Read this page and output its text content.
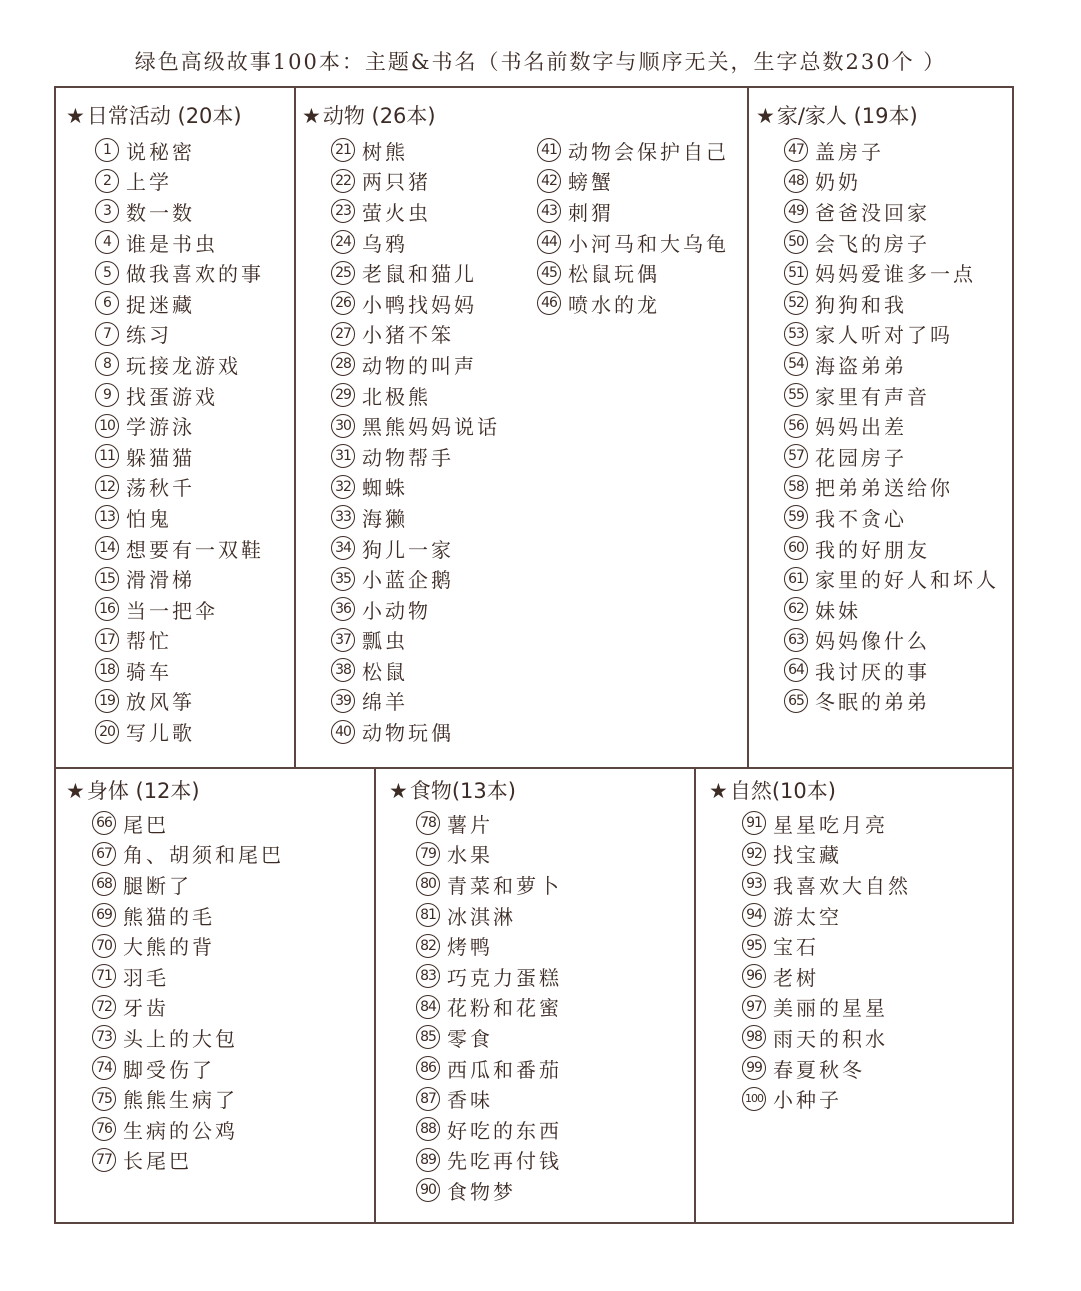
绿色高级故事100本：主题&书名（书名前数字与顺序无关，生字总数230个 ）
★日常活动 (20本)
1 说秘密
2 上学
3 数一数
4 谁是书虫
5 做我喜欢的事
6 捉迷藏
7 练习
8 玩接龙游戏
9 找蛋游戏
10 学游泳
11 躲猫猫
12 荡秋千
13 怕鬼
14 想要有一双鞋
15 滑滑梯
16 当一把伞
17 帮忙
18 骑车
19 放风筝
20 写儿歌
★动物 (26本)
21 树熊
22 两只猪
23 萤火虫
24 乌鸦
25 老鼠和猫儿
26 小鸭找妈妈
27 小猪不笨
28 动物的叫声
29 北极熊
30 黑熊妈妈说话
31 动物帮手
32 蜘蛛
33 海獭
34 狗儿一家
35 小蓝企鹅
36 小动物
37 瓢虫
38 松鼠
39 绵羊
40 动物玩偶
41 动物会保护自己
42 螃蟹
43 刺猬
44 小河马和大乌龟
45 松鼠玩偶
46 喷水的龙
★家/家人 (19本)
47 盖房子
48 奶奶
49 爸爸没回家
50 会飞的房子
51 妈妈爱谁多一点
52 狗狗和我
53 家人听对了吗
54 海盗弟弟
55 家里有声音
56 妈妈出差
57 花园房子
58 把弟弟送给你
59 我不贪心
60 我的好朋友
61 家里的好人和坏人
62 妹妹
63 妈妈像什么
64 我讨厌的事
65 冬眠的弟弟
★身体 (12本)
66 尾巴
67 角、胡须和尾巴
68 腿断了
69 熊猫的毛
70 大熊的背
71 羽毛
72 牙齿
73 头上的大包
74 脚受伤了
75 熊熊生病了
76 生病的公鸡
77 长尾巴
★食物(13本)
78 薯片
79 水果
80 青菜和萝卜
81 冰淇淋
82 烤鸭
83 巧克力蛋糕
84 花粉和花蜜
85 零食
86 西瓜和番茄
87 香味
88 好吃的东西
89 先吃再付钱
90 食物梦
★自然(10本)
91 星星吃月亮
92 找宝藏
93 我喜欢大自然
94 游太空
95 宝石
96 老树
97 美丽的星星
98 雨天的积水
99 春夏秋冬
100 小种子
